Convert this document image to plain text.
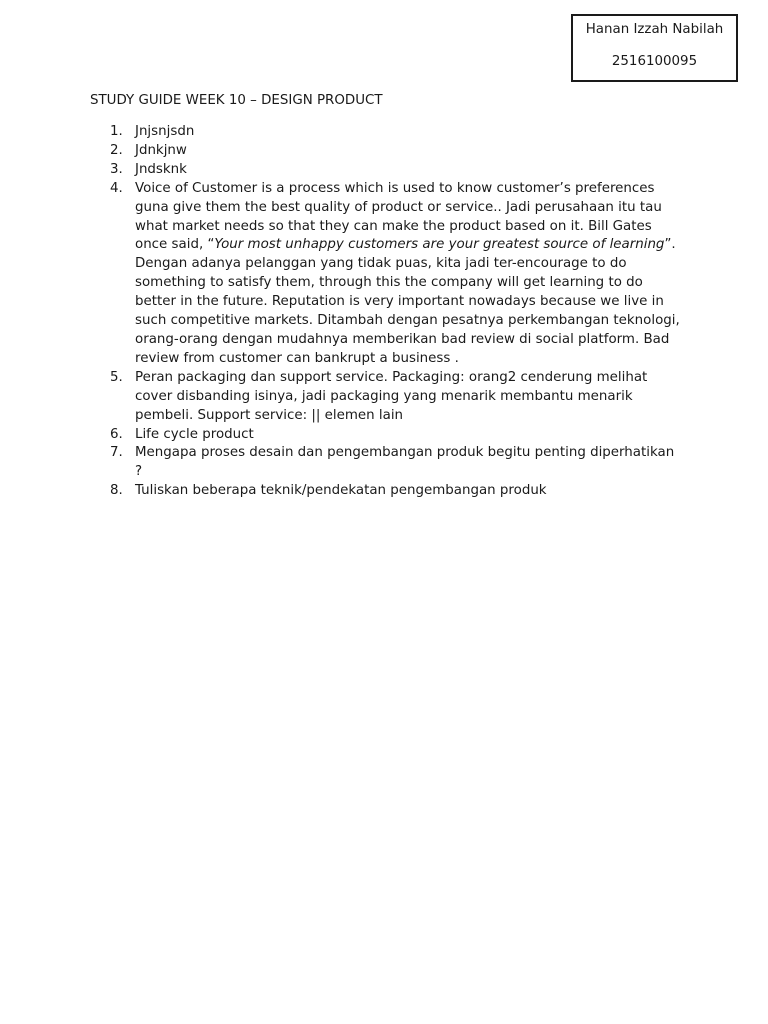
Hanan Izzah Nabilah
2516100095
STUDY GUIDE WEEK 10 – DESIGN PRODUCT
1. Jnjsnjsdn
2. Jdnkjnw
3. Jndsknk
4. Voice of Customer is a process which is used to know customer’s preferences guna give them the best quality of product or service.. Jadi perusahaan itu tau what market needs so that they can make the product based on it. Bill Gates once said, “Your most unhappy customers are your greatest source of learning”. Dengan adanya pelanggan yang tidak puas, kita jadi ter-encourage to do something to satisfy them, through this the company will get learning to do better in the future. Reputation is very important nowadays because we live in such competitive markets. Ditambah dengan pesatnya perkembangan teknologi, orang-orang dengan mudahnya memberikan bad review di social platform. Bad review from customer can bankrupt a business .
5. Peran packaging dan support service. Packaging: orang2 cenderung melihat cover disbanding isinya, jadi packaging yang menarik membantu menarik pembeli. Support service: || elemen lain
6. Life cycle product
7. Mengapa proses desain dan pengembangan produk begitu penting diperhatikan ?
8. Tuliskan beberapa teknik/pendekatan pengembangan produk
